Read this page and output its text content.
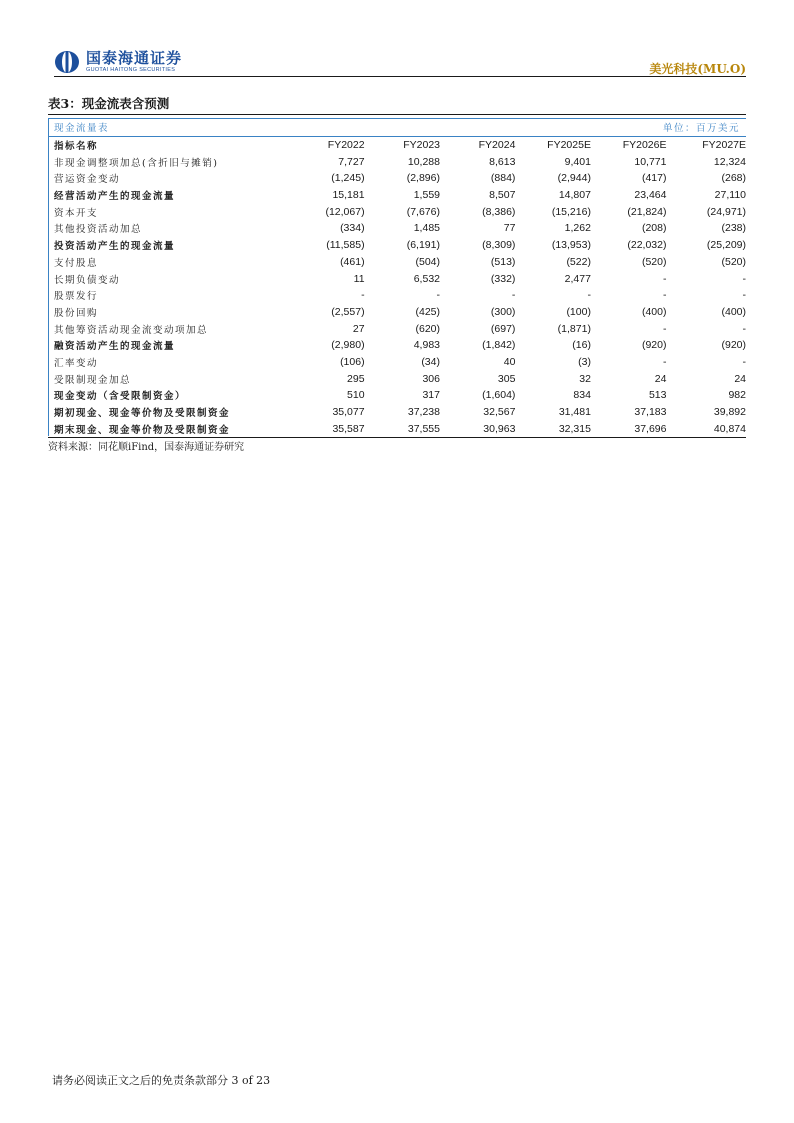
国泰海通证券
GUOTAI HAITONG SECURITIES	美光科技(MU.O)
表3：现金流表含预测
现金流量表	单位：百万美元					
指标名称	FY2022	FY2023	FY2024	FY2025E	FY2026E	FY2027E
非现金调整项加总(含折旧与摊销)	7,727	10,288	8,613	9,401	10,771	12,324
营运资金变动	(1,245)	(2,896)	(884)	(2,944)	(417)	(268)
经营活动产生的现金流量	15,181	1,559	8,507	14,807	23,464	27,110
资本开支	(12,067)	(7,676)	(8,386)	(15,216)	(21,824)	(24,971)
其他投资活动加总	(334)	1,485	77	1,262	(208)	(238)
投资活动产生的现金流量	(11,585)	(6,191)	(8,309)	(13,953)	(22,032)	(25,209)
支付股息	(461)	(504)	(513)	(522)	(520)	(520)
长期负债变动	11	6,532	(332)	2,477	-	-
股票发行	-	-	-	-	-	-
股份回购	(2,557)	(425)	(300)	(100)	(400)	(400)
其他筹资活动现金流变动项加总	27	(620)	(697)	(1,871)	-	-
融资活动产生的现金流量	(2,980)	4,983	(1,842)	(16)	(920)	(920)
汇率变动	(106)	(34)	40	(3)	-	-
受限制现金加总	295	306	305	32	24	24
现金变动（含受限制资金）	510	317	(1,604)	834	513	982
期初现金、现金等价物及受限制资金	35,077	37,238	32,567	31,481	37,183	39,892
期末现金、现金等价物及受限制资金	35,587	37,555	30,963	32,315	37,696	40,874
资料来源：同花顺iFind，国泰海通证券研究
请务必阅读正文之后的免责条款部分 3 of 23
